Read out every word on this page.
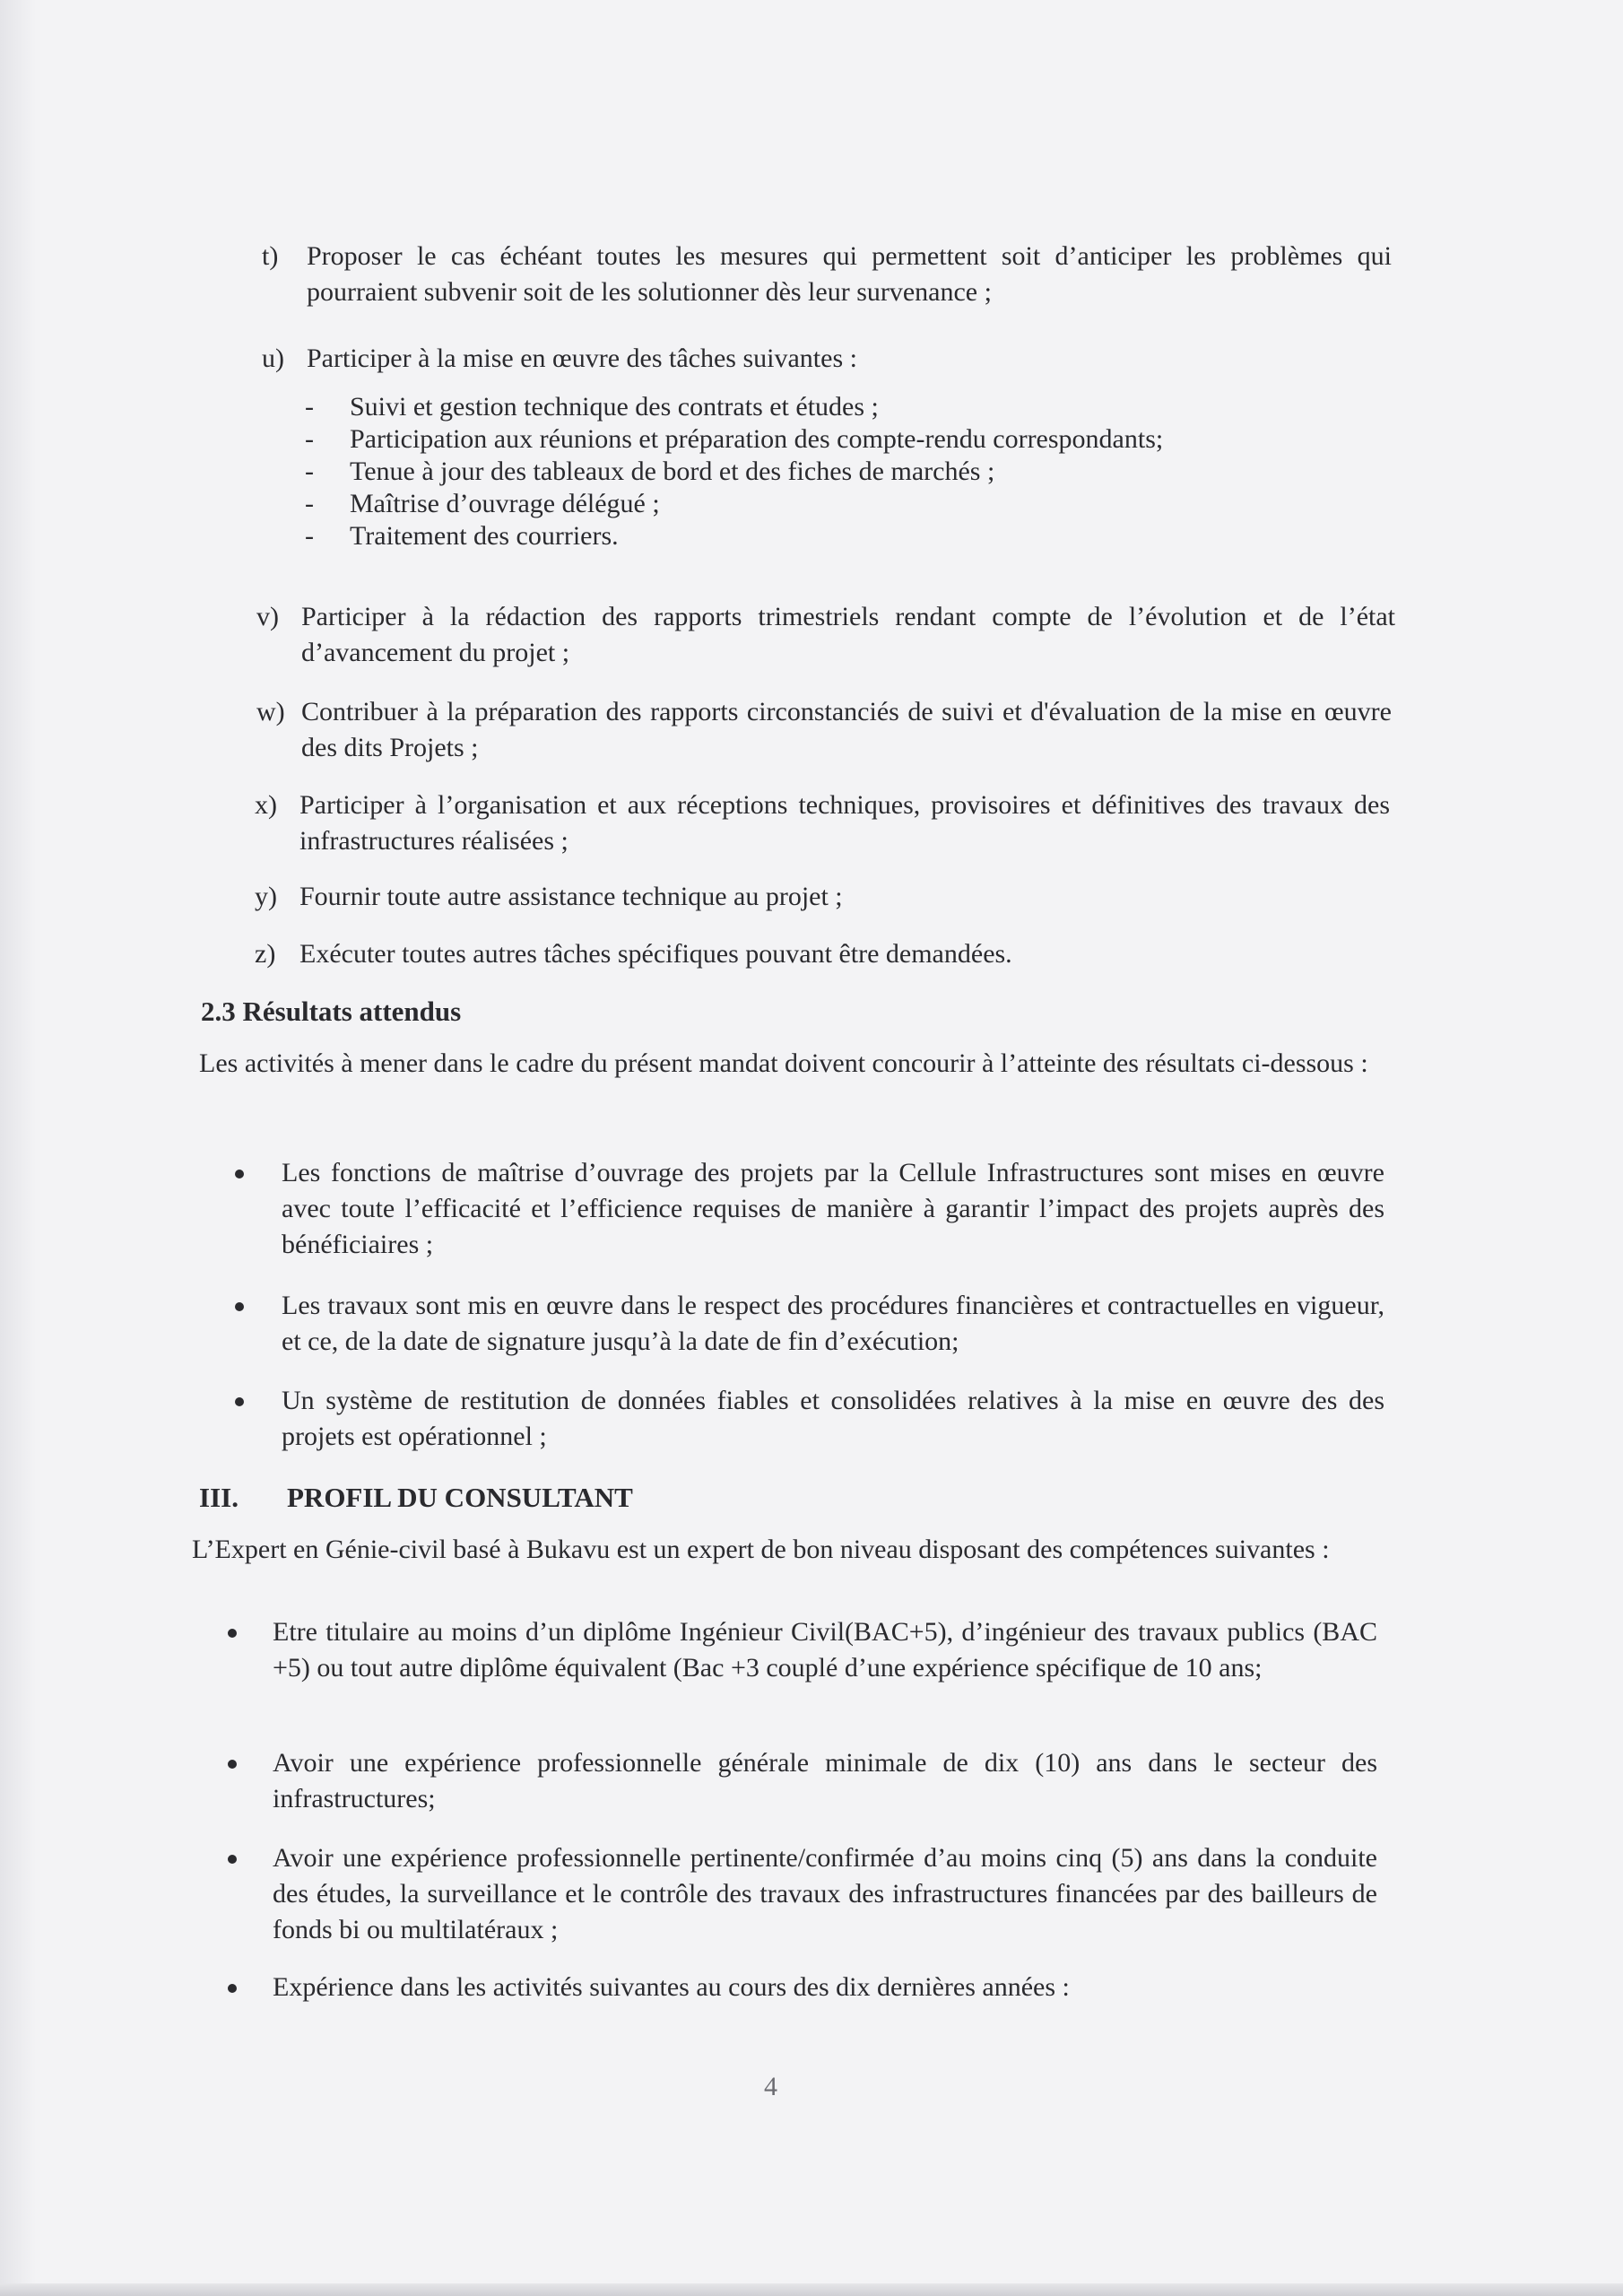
t) Proposer le cas échéant toutes les mesures qui permettent soit d’anticiper les problèmes qui pourraient subvenir soit de les solutionner dès leur survenance ;
u) Participer à la mise en œuvre des tâches suivantes :
- Suivi et gestion technique des contrats et études ;
- Participation aux réunions et préparation des compte-rendu correspondants;
- Tenue à jour des tableaux de bord et des fiches de marchés ;
- Maîtrise d’ouvrage délégué ;
- Traitement des courriers.
v) Participer à la rédaction des rapports trimestriels rendant compte de l’évolution et de l’état d’avancement du projet ;
w) Contribuer à la préparation des rapports circonstanciés de suivi et d'évaluation de la mise en œuvre des dits Projets ;
x) Participer à l’organisation et aux réceptions techniques, provisoires et définitives des travaux des infrastructures réalisées ;
y) Fournir toute autre assistance technique au projet ;
z) Exécuter toutes autres tâches spécifiques pouvant être demandées.
2.3 Résultats attendus
Les activités à mener dans le cadre du présent mandat doivent concourir à l’atteinte des résultats ci-dessous :
Les fonctions de maîtrise d’ouvrage des projets par la Cellule Infrastructures sont mises en œuvre avec toute l’efficacité et l’efficience requises de manière à garantir l’impact des projets auprès des bénéficiaires ;
Les travaux sont mis en œuvre dans le respect des procédures financières et contractuelles en vigueur, et ce, de la date de signature jusqu’à la date de fin d’exécution;
Un système de restitution de données fiables et consolidées relatives à la mise en œuvre des des projets est opérationnel ;
III. PROFIL DU CONSULTANT
L’Expert en Génie-civil basé à Bukavu est un expert de bon niveau disposant des compétences suivantes :
Etre titulaire au moins d’un diplôme Ingénieur Civil(BAC+5), d’ingénieur des travaux publics (BAC +5) ou tout autre diplôme équivalent (Bac +3 couplé d’une expérience spécifique de 10 ans;
Avoir une expérience professionnelle générale minimale de dix (10) ans dans le secteur des infrastructures;
Avoir une expérience professionnelle pertinente/confirmée d’au moins cinq (5) ans dans la conduite des études, la surveillance et le contrôle des travaux des infrastructures financées par des bailleurs de fonds bi ou multilatéraux ;
Expérience dans les activités suivantes au cours des dix dernières années :
4
